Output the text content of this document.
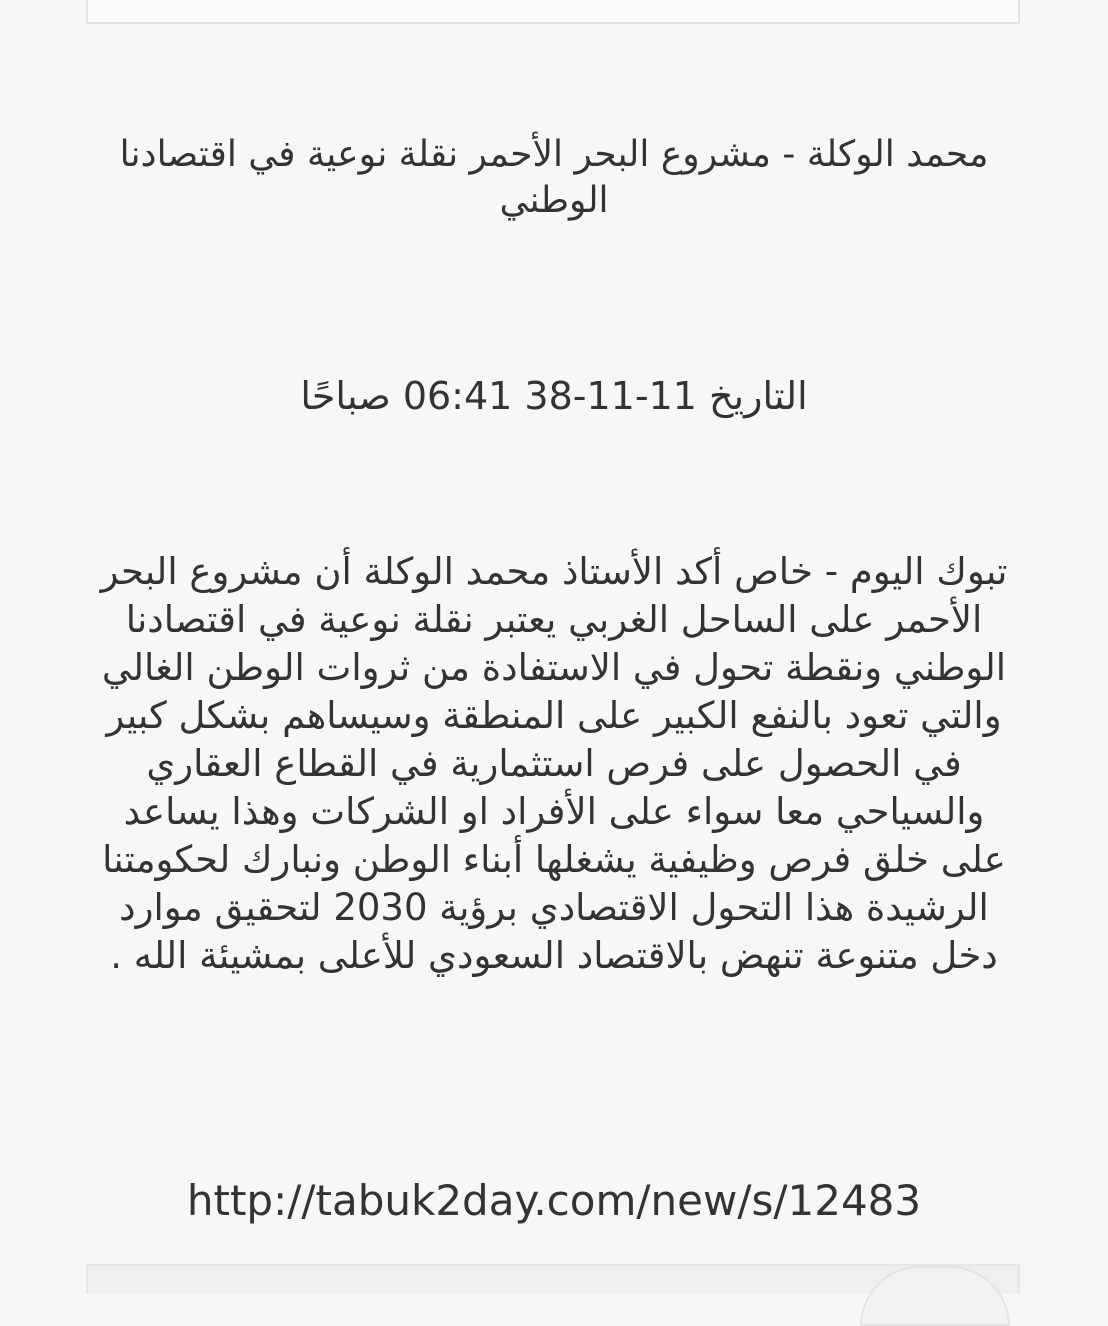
محمد الوكلة - مشروع البحر الأحمر نقلة نوعية في اقتصادنا الوطني
التاريخ 11-11-38 06:41 صباحًا
تبوك اليوم - خاص أكد الأستاذ محمد الوكلة أن مشروع البحر الأحمر على الساحل الغربي يعتبر نقلة نوعية في اقتصادنا الوطني ونقطة تحول في الاستفادة من ثروات الوطن الغالي والتي تعود بالنفع الكبير على المنطقة وسيساهم بشكل كبير في الحصول على فرص استثمارية في القطاع العقاري والسياحي معا سواء على الأفراد او الشركات وهذا يساعد على خلق فرص وظيفية يشغلها أبناء الوطن ونبارك لحكومتنا الرشيدة هذا التحول الاقتصادي برؤية 2030 لتحقيق موارد دخل متنوعة تنهض بالاقتصاد السعودي للأعلى بمشيئة الله .
http://tabuk2day.com/new/s/12483
